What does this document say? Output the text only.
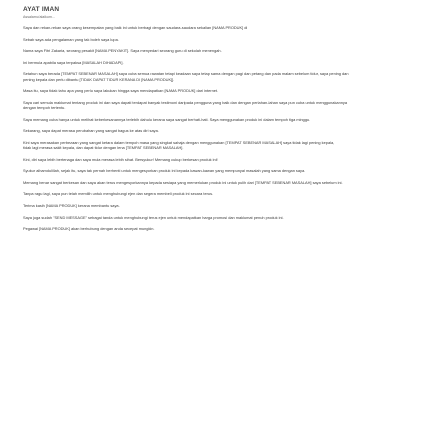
AYAT IMAN
Assalamu'alaikum...

Saya dan rekan-rekan saya orang kesempatan yang baik ini untuk berbagi dengan saudara-saudara sekalian [NAMA PRODUK] di

Sebab saya ada pengalaman yang tak boleh saya lupa.

Nama saya Fitri Zakaria, seorang pesakit [NAMA PENYAKIT]. Saya menyedari seorang guru di sekolah menengah.

Ini bermula apabila saya terpaksa [MASALAH DIHADAPI].

Setahun saya berada [TEMPAT SEBENAR MASALAH] saya cuba semua rawatan tetapi keadaan saya tetap sama dengan pagi dan petang dan pada malam sebelum tidur, saya pening dan pening kepala dan perlu dibantu [TIDAK DAPAT TIDUR KERANA DI [NAMA PRODUK]].

Masa itu, saya tidak tahu apa yang perlu saya lakukan hingga saya mendapatkan [NAMA PRODUK] dari internet.

Saya cari semula maklumat tentang produk ini dan saya dapati terdapat banyak testimoni daripada pengguna yang baik dan dengan perlahan-lahan saya pun cuba untuk menggunakannya dengan tempoh tertentu.

Saya memang cuba hanya untuk melihat keberkesanannya terlebih dahulu kerana saya sangat berhati-hati. Saya menggunakan produk ini dalam tempoh tiga minggu.

Sekarang, saya dapat merasa perubahan yang sangat bagus ke atas diri saya.

Kini saya merasakan perbezaan yang sangat ketara dalam tempoh masa yang singkat sahaja dengan menggunakan [TEMPAT SEBENAR MASALAH] saya tidak lagi pening kepala, tidak lagi merasa sakit kepala, dan dapat tidur dengan lena [TEMPAT SEBENAR MASALAH].

Kini, diri saya lebih bertenaga dan saya mula merasa lebih sihat. Bersyukur! Memang cukup berkesan produk ini!

Syukur alhamdulillah, sejak itu, saya tak pernah berhenti untuk mengesyorkan produk ini kepada kawan-kawan yang mempunyai masalah yang sama dengan saya.

Memang benar sangat berkesan dan saya akan terus mengesyorkannya kepada sesiapa yang memerlukan produk ini untuk pulih dari [TEMPAT SEBENAR MASALAH] saya sebelum ini.

Tanpa ragu lagi, saya pun telah memilih untuk menghubungi ejen dan segera membeli produk ini secara terus.

Terima kasih [NAMA PRODUK] kerana membantu saya.

Saya juga sudah "SEND MESSAGE" sebagai tanda untuk menghubungi terus ejen untuk mendapatkan harga promosi dan maklumat penuh produk ini.

Pegawai [NAMA PRODUK] akan berhubung dengan anda secepat mungkin.
